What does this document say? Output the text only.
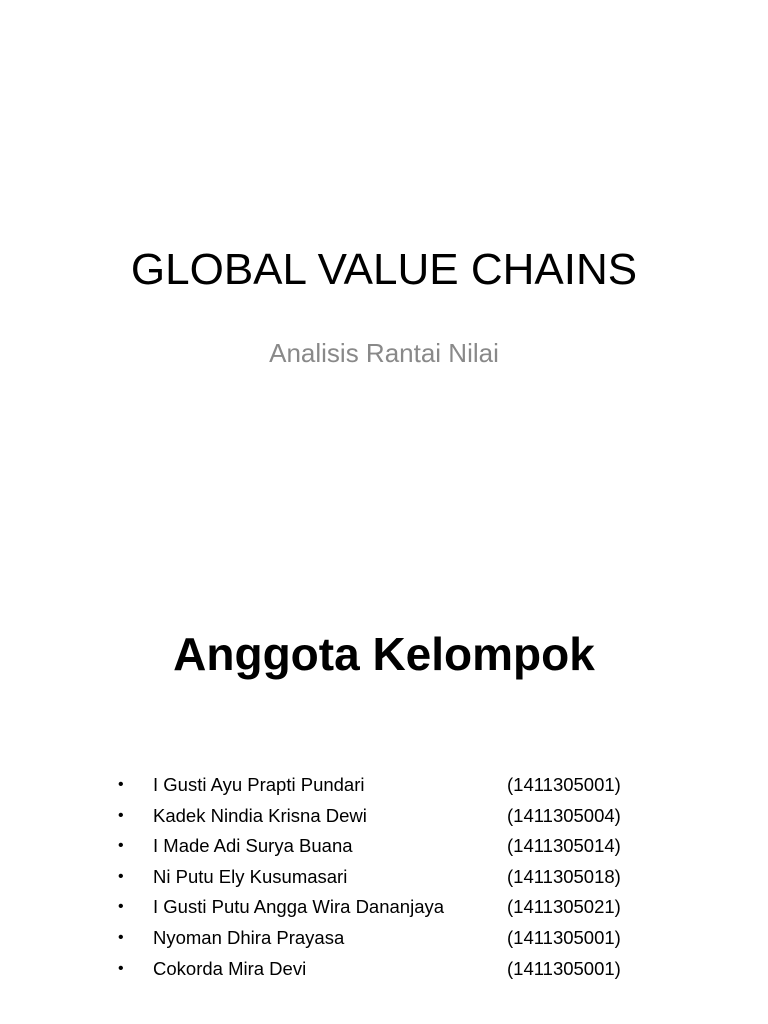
GLOBAL VALUE CHAINS

Analisis Rantai Nilai

Anggota Kelompok
•	I Gusti Ayu Prapti Pundari	(1411305001)
•	Kadek Nindia Krisna Dewi	(1411305004)
•	I Made Adi Surya Buana	(1411305014)
•	Ni Putu Ely Kusumasari	(1411305018)
•	I Gusti Putu Angga Wira Dananjaya	(1411305021)
•	Nyoman Dhira Prayasa	(1411305001)
•	Cokorda Mira Devi	(1411305001)
